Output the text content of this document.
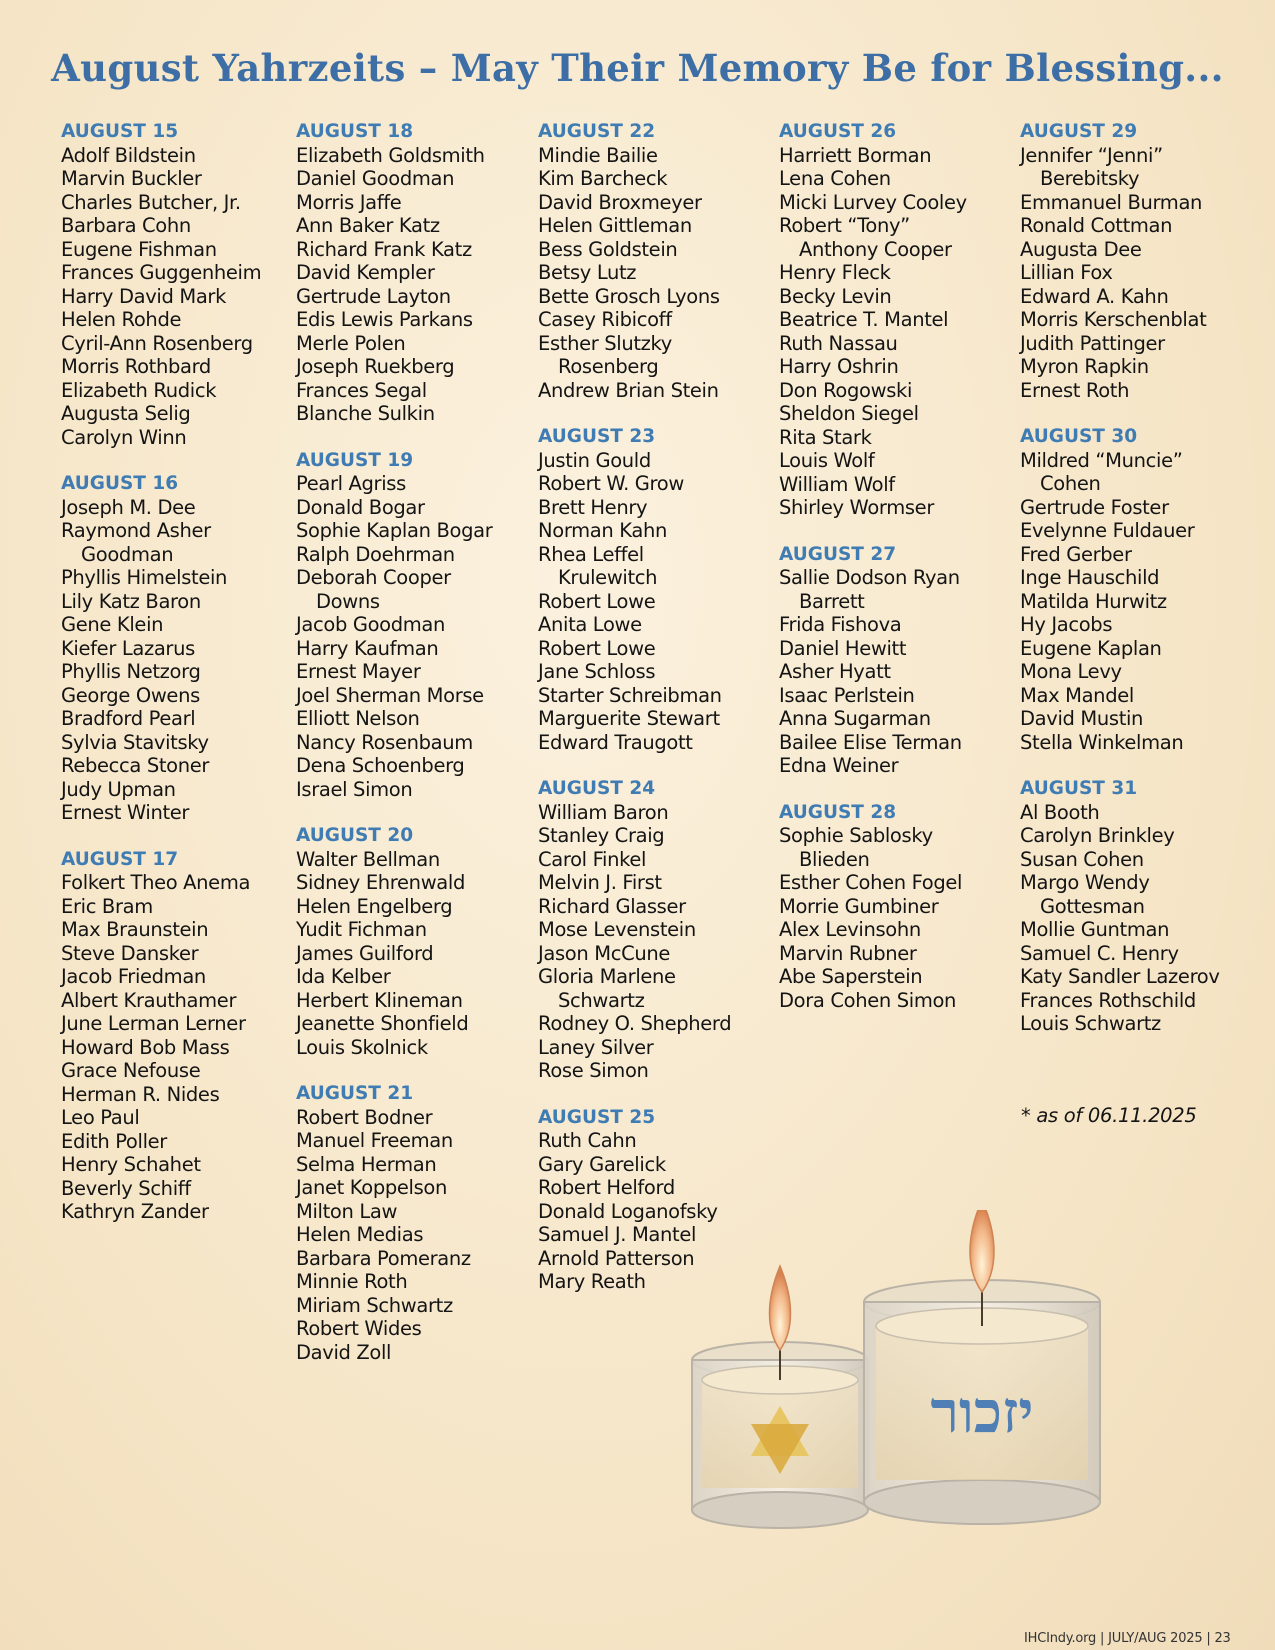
August Yahrzeits – May Their Memory Be for Blessing...
AUGUST 15
Adolf Bildstein
Marvin Buckler
Charles Butcher, Jr.
Barbara Cohn
Eugene Fishman
Frances Guggenheim
Harry David Mark
Helen Rohde
Cyril-Ann Rosenberg
Morris Rothbard
Elizabeth Rudick
Augusta Selig
Carolyn Winn
AUGUST 16
Joseph M. Dee
Raymond Asher Goodman
Phyllis Himelstein
Lily Katz Baron
Gene Klein
Kiefer Lazarus
Phyllis Netzorg
George Owens
Bradford Pearl
Sylvia Stavitsky
Rebecca Stoner
Judy Upman
Ernest Winter
AUGUST 17
Folkert Theo Anema
Eric Bram
Max Braunstein
Steve Dansker
Jacob Friedman
Albert Krauthamer
June Lerman Lerner
Howard Bob Mass
Grace Nefouse
Herman R. Nides
Leo Paul
Edith Poller
Henry Schahet
Beverly Schiff
Kathryn Zander
AUGUST 18
Elizabeth Goldsmith
Daniel Goodman
Morris Jaffe
Ann Baker Katz
Richard Frank Katz
David Kempler
Gertrude Layton
Edis Lewis Parkans
Merle Polen
Joseph Ruekberg
Frances Segal
Blanche Sulkin
AUGUST 19
Pearl Agriss
Donald Bogar
Sophie Kaplan Bogar
Ralph Doehrman
Deborah Cooper Downs
Jacob Goodman
Harry Kaufman
Ernest Mayer
Joel Sherman Morse
Elliott Nelson
Nancy Rosenbaum
Dena Schoenberg
Israel Simon
AUGUST 20
Walter Bellman
Sidney Ehrenwald
Helen Engelberg
Yudit Fichman
James Guilford
Ida Kelber
Herbert Klineman
Jeanette Shonfield
Louis Skolnick
AUGUST 21
Robert Bodner
Manuel Freeman
Selma Herman
Janet Koppelson
Milton Law
Helen Medias
Barbara Pomeranz
Minnie Roth
Miriam Schwartz
Robert Wides
David Zoll
AUGUST 22
Mindie Bailie
Kim Barcheck
David Broxmeyer
Helen Gittleman
Bess Goldstein
Betsy Lutz
Bette Grosch Lyons
Casey Ribicoff
Esther Slutzky Rosenberg
Andrew Brian Stein
AUGUST 23
Justin Gould
Robert W. Grow
Brett Henry
Norman Kahn
Rhea Leffel Krulewitch
Robert Lowe
Anita Lowe
Robert Lowe
Jane Schloss
Starter Schreibman
Marguerite Stewart
Edward Traugott
AUGUST 24
William Baron
Stanley Craig
Carol Finkel
Melvin J. First
Richard Glasser
Mose Levenstein
Jason McCune
Gloria Marlene Schwartz
Rodney O. Shepherd
Laney Silver
Rose Simon
AUGUST 25
Ruth Cahn
Gary Garelick
Robert Helford
Donald Loganofsky
Samuel J. Mantel
Arnold Patterson
Mary Reath
AUGUST 26
Harriett Borman
Lena Cohen
Micki Lurvey Cooley
Robert “Tony” Anthony Cooper
Henry Fleck
Becky Levin
Beatrice T. Mantel
Ruth Nassau
Harry Oshrin
Don Rogowski
Sheldon Siegel
Rita Stark
Louis Wolf
William Wolf
Shirley Wormser
AUGUST 27
Sallie Dodson Ryan Barrett
Frida Fishova
Daniel Hewitt
Asher Hyatt
Isaac Perlstein
Anna Sugarman
Bailee Elise Terman
Edna Weiner
AUGUST 28
Sophie Sablosky Blieden
Esther Cohen Fogel
Morrie Gumbiner
Alex Levinsohn
Marvin Rubner
Abe Saperstein
Dora Cohen Simon
AUGUST 29
Jennifer “Jenni” Berebitsky
Emmanuel Burman
Ronald Cottman
Augusta Dee
Lillian Fox
Edward A. Kahn
Morris Kerschenblat
Judith Pattinger
Myron Rapkin
Ernest Roth
AUGUST 30
Mildred “Muncie” Cohen
Gertrude Foster
Evelynne Fuldauer
Fred Gerber
Inge Hauschild
Matilda Hurwitz
Hy Jacobs
Eugene Kaplan
Mona Levy
Max Mandel
David Mustin
Stella Winkelman
AUGUST 31
Al Booth
Carolyn Brinkley
Susan Cohen
Margo Wendy Gottesman
Mollie Guntman
Samuel C. Henry
Katy Sandler Lazerov
Frances Rothschild
Louis Schwartz
* as of 06.11.2025
יזכור
IHCIndy.org | JULY/AUG 2025 | 23
